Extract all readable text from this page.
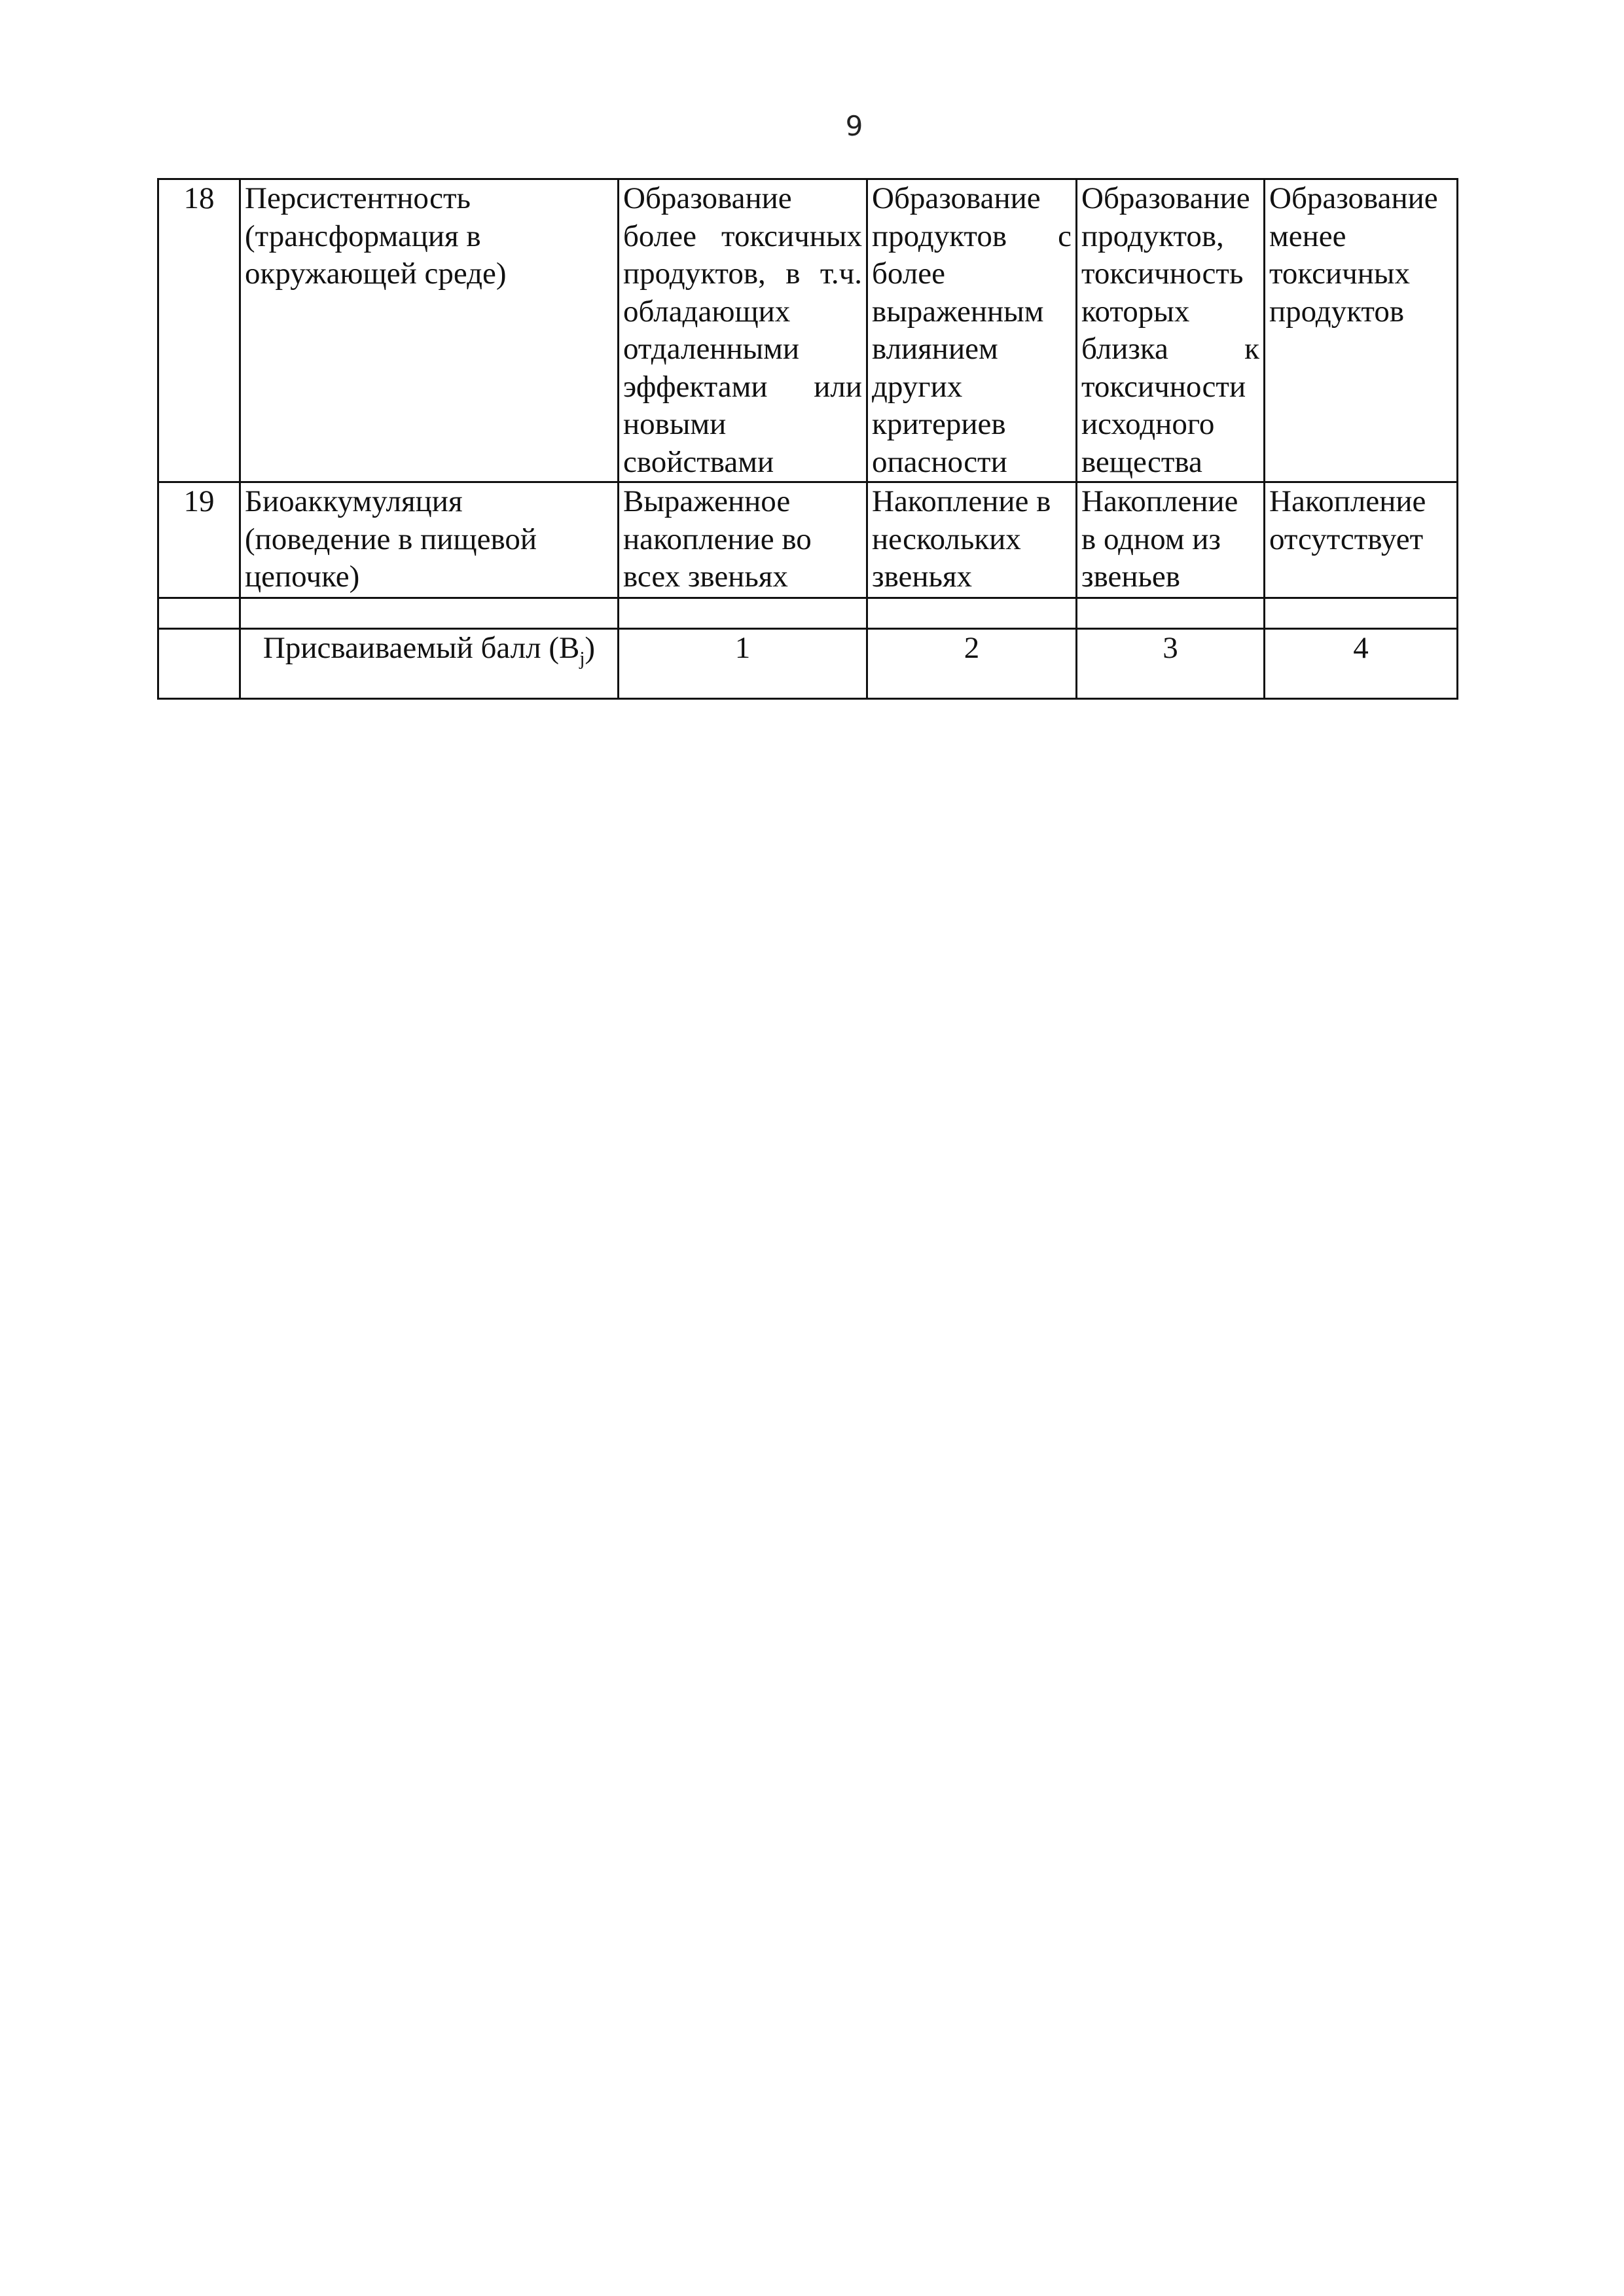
9
18	Персистентность (трансформация в окружающей среде)	Образование более токсичных продуктов, в т.ч. обладающих отдаленными эффектами или новыми свойствами	Образование продуктов с более выраженным влиянием других критериев опасности	Образование продуктов, токсичность которых близка к токсичности исходного вещества	Образование менее токсичных продуктов
19	Биоаккумуляция (поведение в пищевой цепочке)	Выраженное накопление во всех звеньях	Накопление в нескольких звеньях	Накопление в одном из звеньев	Накопление отсутствует

	Присваиваемый балл $(B_j)$	1	2	3	4
